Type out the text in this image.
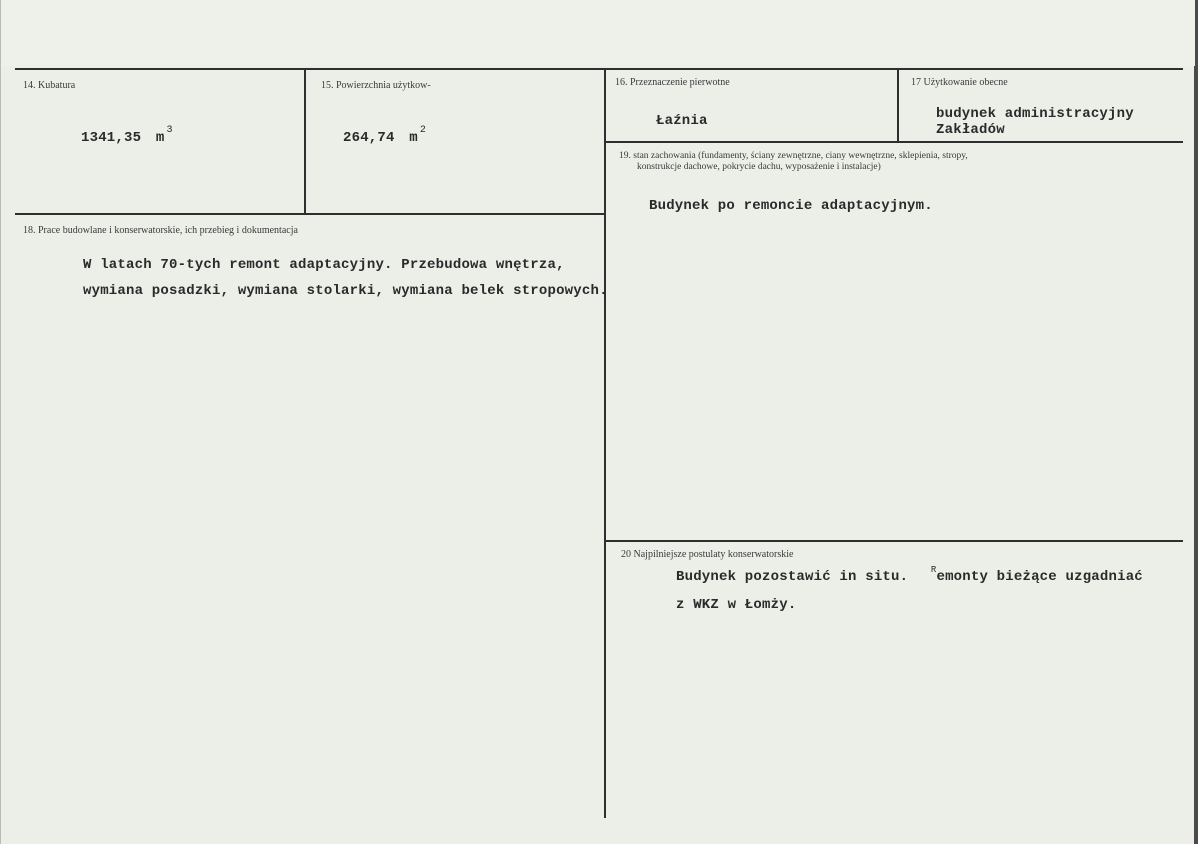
14. Kubatura
1341,35 m $^3$
15. Powierzchnia użytkow-
264,74 m $^2$
16. Przeznaczenie pierwotne
Łaźnia
17 Użytkowanie obecne
budynek administracyjny
Zakładów
18. Prace budowlane i konserwatorskie, ich przebieg i dokumentacja
W latach 70-tych remont adaptacyjny. Przebudowa wnętrza,
wymiana posadzki, wymiana stolarki, wymiana belek stropowych.
19. stan zachowania (fundamenty, ściany zewnętrzne, ciany wewnętrzne, sklepienia, stropy,
konstrukcje dachowe, pokrycie dachu, wyposażenie i instalacje)
Budynek po remoncie adaptacyjnym.
20 Najpilniejsze postulaty konserwatorskie
Budynek pozostawić in situ.	$^R$emonty bieżące uzgadniać
z WKZ w Łomży.
